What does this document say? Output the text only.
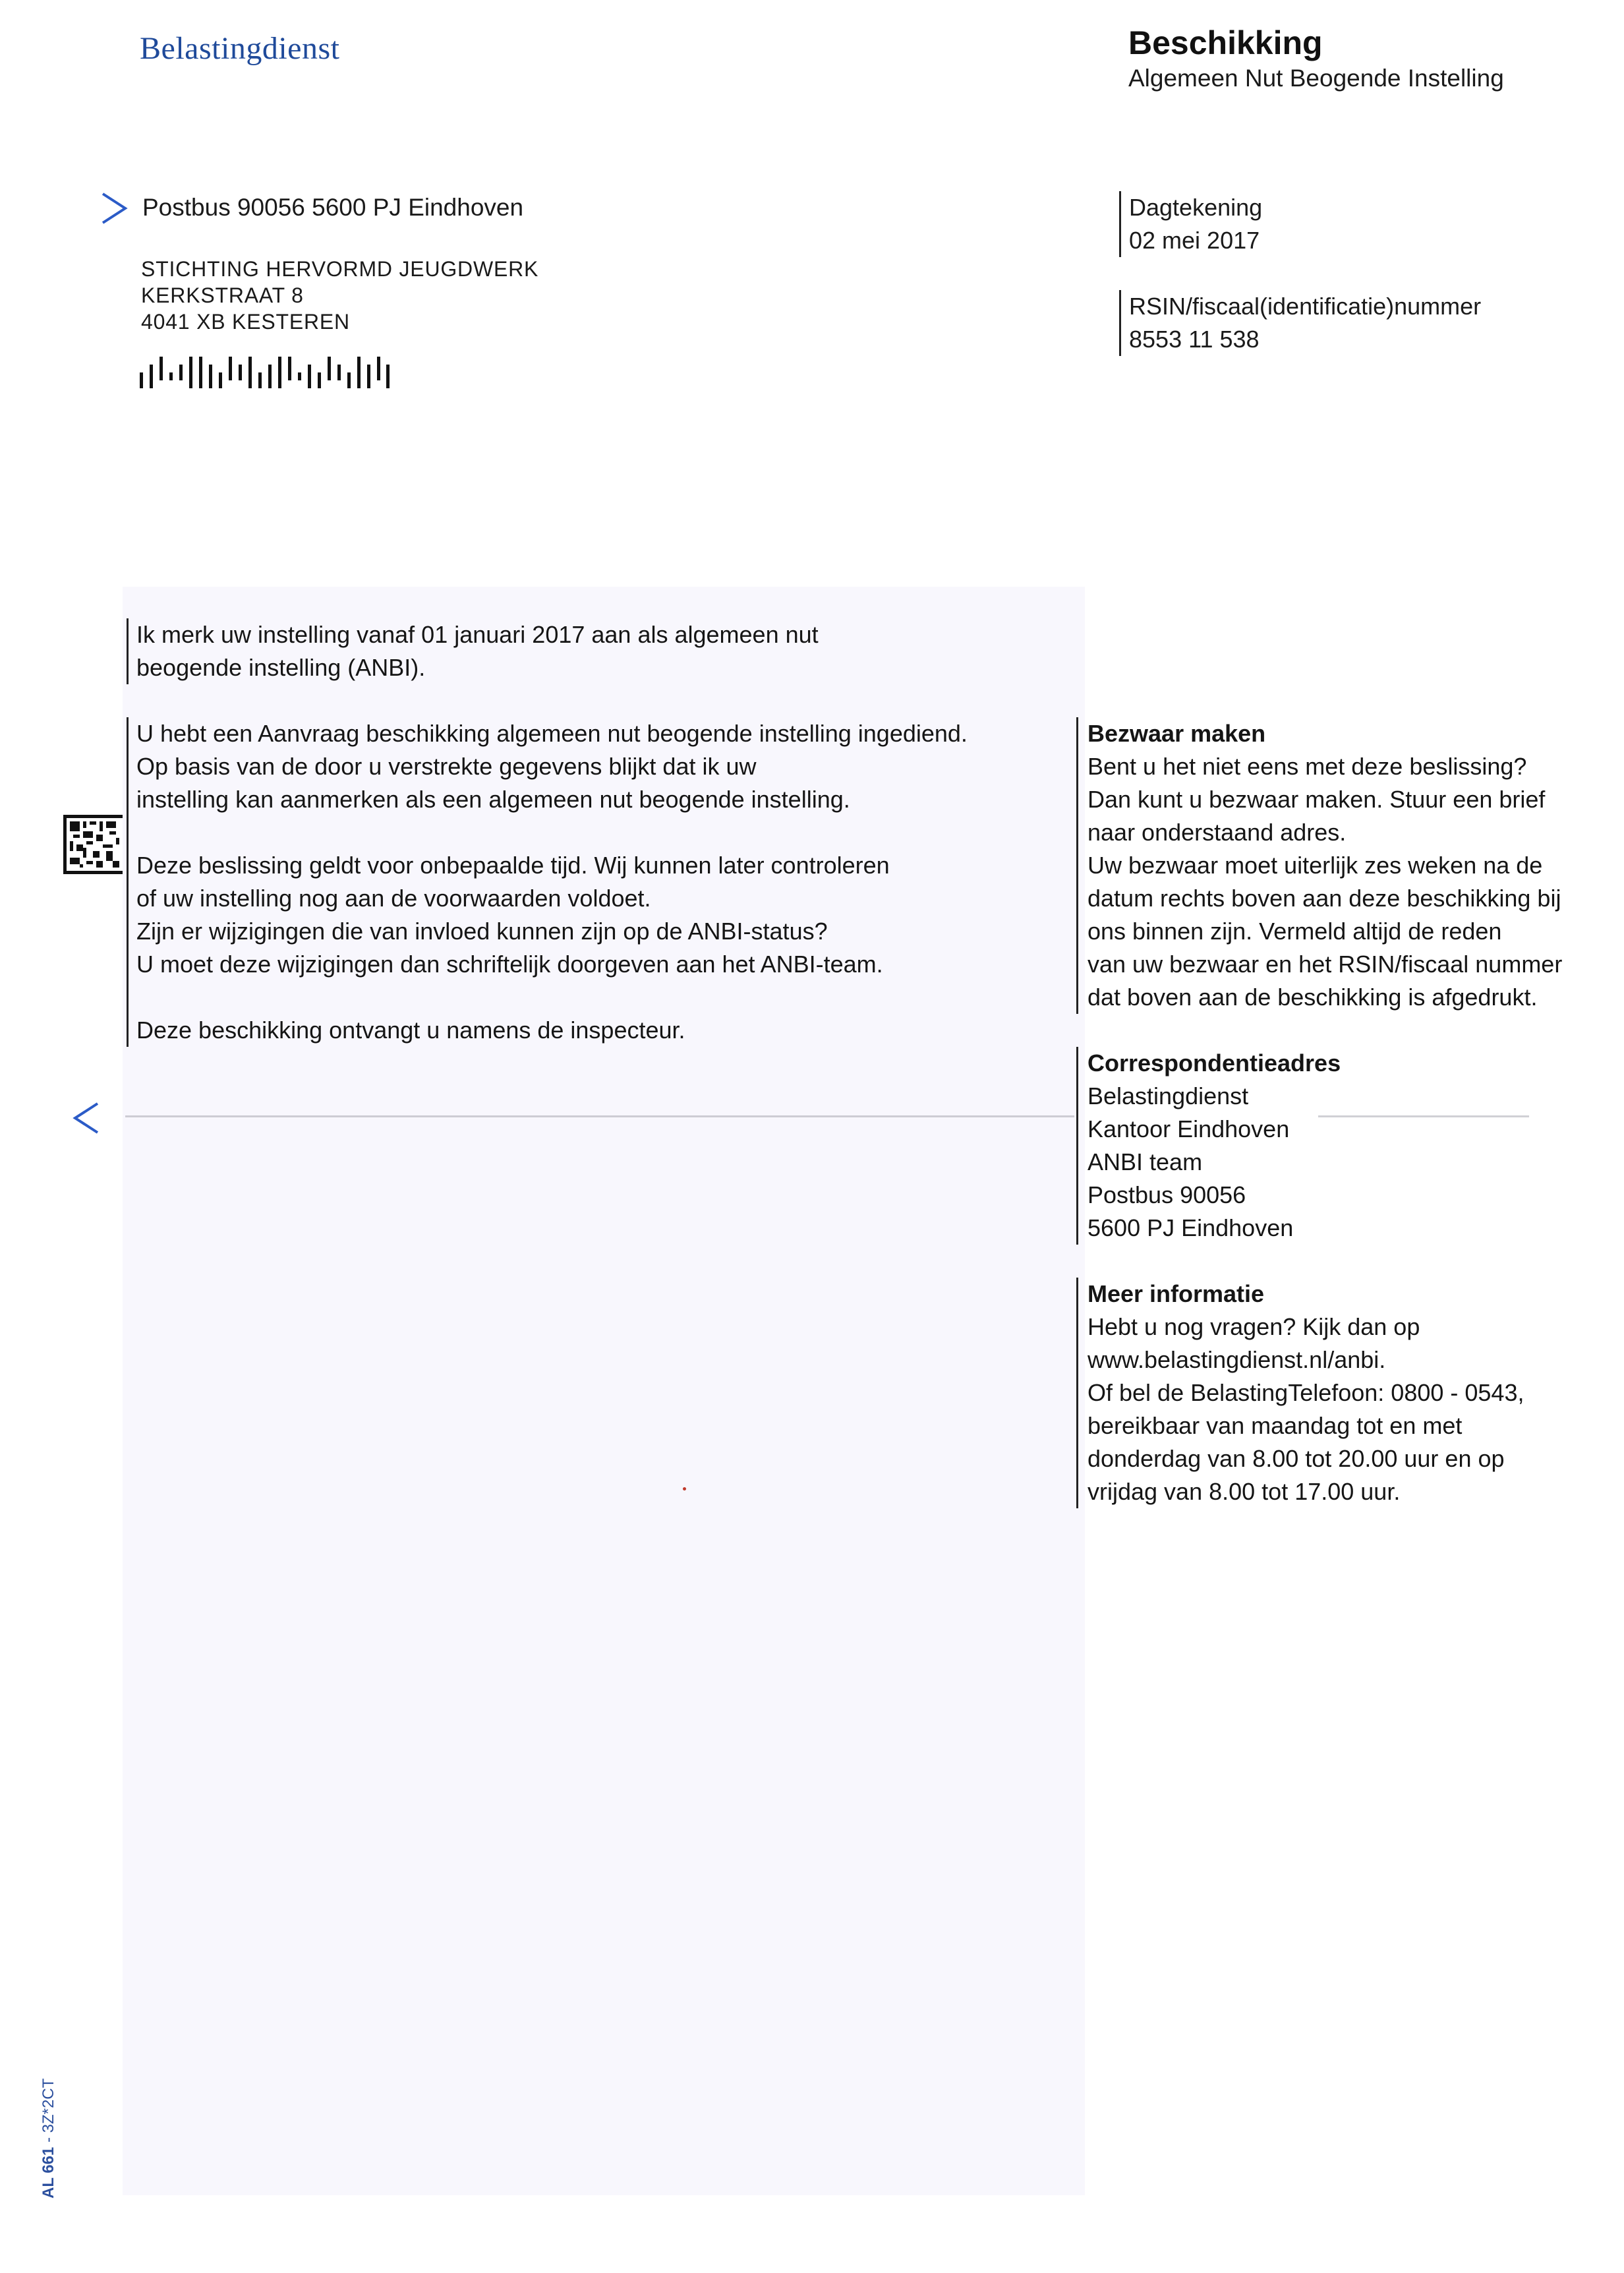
Belastingdienst	Beschikking
Algemeen Nut Beogende Instelling
Postbus 90056 5600 PJ Eindhoven
STICHTING HERVORMD JEUGDWERK
KERKSTRAAT 8
4041 XB KESTEREN
Dagtekening
02 mei 2017
RSIN/fiscaal(identificatie)nummer
8553 11 538
Ik merk uw instelling vanaf 01 januari 2017 aan als algemeen nut
beogende instelling (ANBI).
U hebt een Aanvraag beschikking algemeen nut beogende instelling ingediend.
Op basis van de door u verstrekte gegevens blijkt dat ik uw
instelling kan aanmerken als een algemeen nut beogende instelling.
Deze beslissing geldt voor onbepaalde tijd. Wij kunnen later controleren
of uw instelling nog aan de voorwaarden voldoet.
Zijn er wijzigingen die van invloed kunnen zijn op de ANBI-status?
U moet deze wijzigingen dan schriftelijk doorgeven aan het ANBI-team.
Deze beschikking ontvangt u namens de inspecteur.
Bezwaar maken
Bent u het niet eens met deze beslissing?
Dan kunt u bezwaar maken. Stuur een brief
naar onderstaand adres.
Uw bezwaar moet uiterlijk zes weken na de
datum rechts boven aan deze beschikking bij
ons binnen zijn. Vermeld altijd de reden
van uw bezwaar en het RSIN/fiscaal nummer
dat boven aan de beschikking is afgedrukt.
Correspondentieadres
Belastingdienst
Kantoor Eindhoven
ANBI team
Postbus 90056
5600 PJ Eindhoven
Meer informatie
Hebt u nog vragen? Kijk dan op
www.belastingdienst.nl/anbi.
Of bel de BelastingTelefoon: 0800 - 0543,
bereikbaar van maandag tot en met
donderdag van 8.00 tot 20.00 uur en op
vrijdag van 8.00 tot 17.00 uur.
AL 661 - 3Z*2CT
